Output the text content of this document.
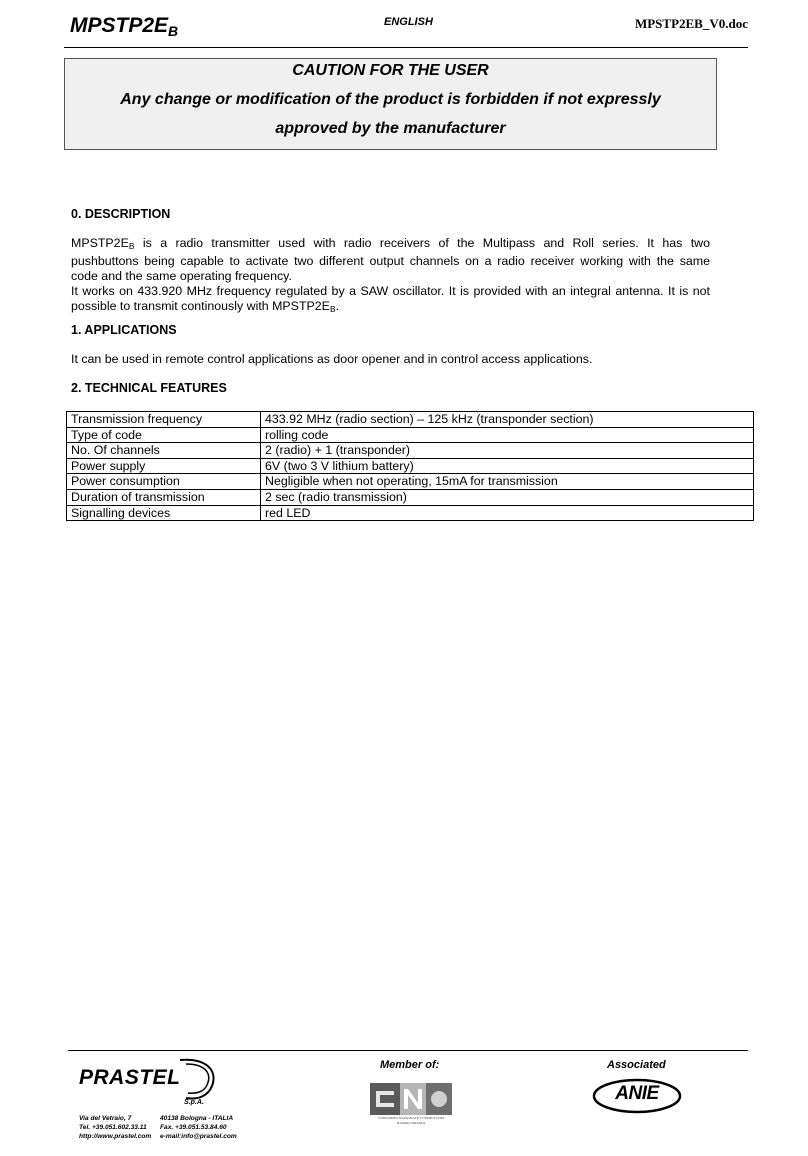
$MPSTP2E_B$
ENGLISH	MPSTP2EB_V0.doc
CAUTION FOR THE USER
Any change or modification of the product is forbidden if not expressly
approved by the manufacturer
0. DESCRIPTION
$MPSTP2E_B$ is a radio transmitter used with radio receivers of the Multipass and Roll series. It has two
pushbuttons being capable to activate two different output channels on a radio receiver working with the same
code and the same operating frequency.
It works on 433.920 MHz frequency regulated by a SAW oscillator. It is provided with an integral antenna. It is not
possible to transmit continously with $MPSTP2E_B$.
1. APPLICATIONS
It can be used in remote control applications as door opener and in control access applications.
2. TECHNICAL FEATURES
Transmission frequency	433.92 MHz (radio section) – 125 kHz (transponder section)
Type of code	rolling code
No. Of channels	2 (radio) + 1 (transponder)
Power supply	6V (two 3 V lithium battery)
Power consumption	Negligible when not operating, 15mA for transmission
Duration of transmission	2 sec (radio transmission)
Signalling devices	red LED
PRASTEL
S.p.A.
Via del Vetraio, 7
Tel. +39.051.602.33.11
http://www.prastel.com
40138 Bologna - ITALIA
Fax. +39.051.53.84.60
e-mail:info@prastel.com
Member of:	Associated
CONSORZIO NAZIONALE COSTRUTTORI RADIOCOMANDI
ANIE
